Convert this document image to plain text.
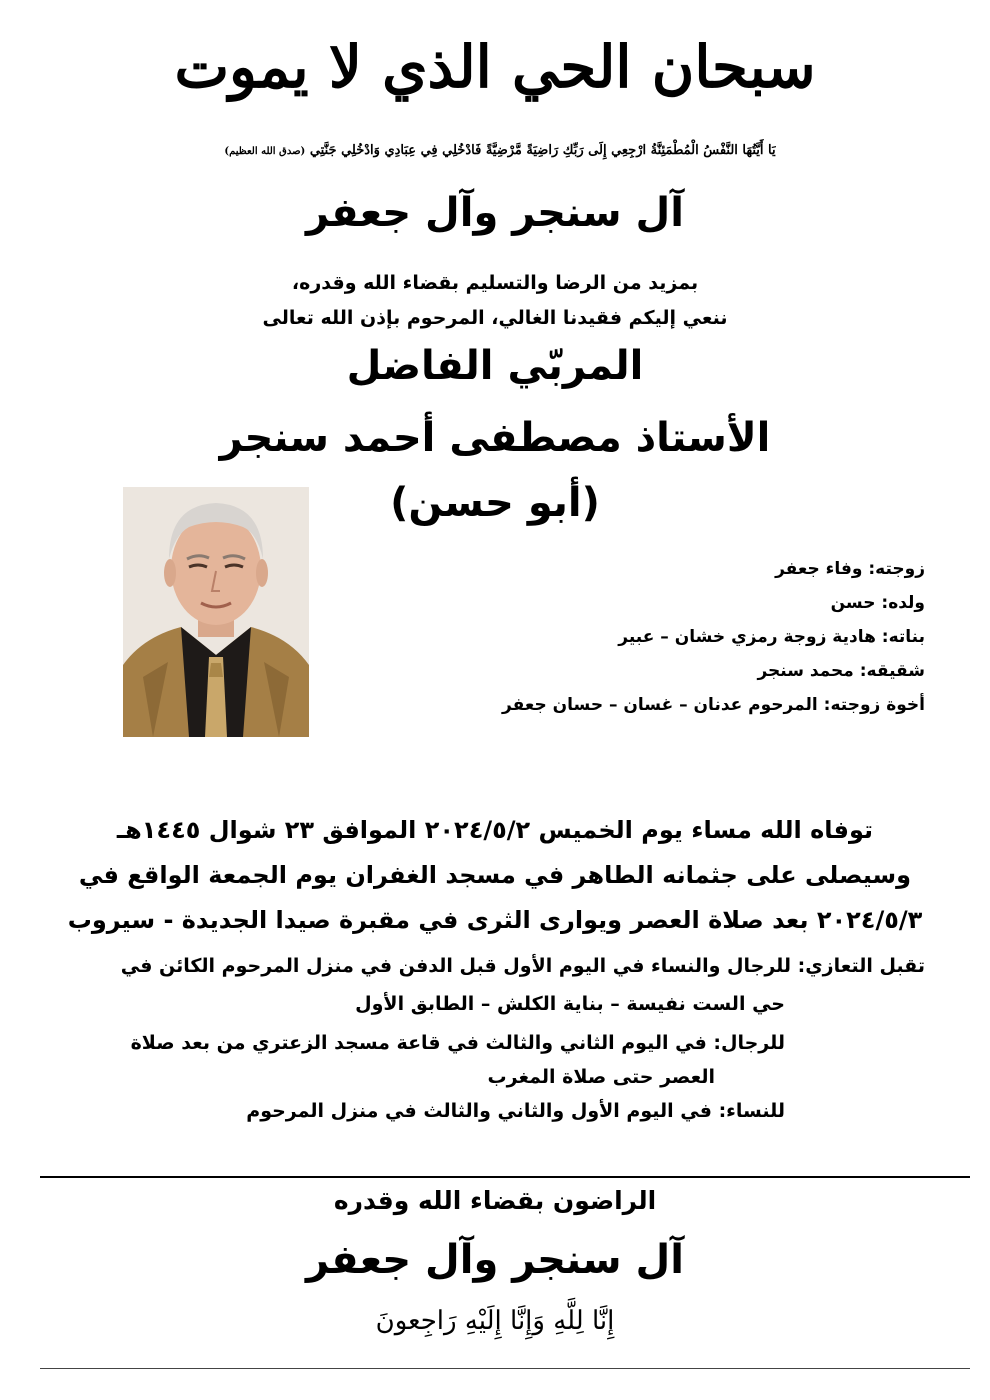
سبحان الحي الذي لا يموت
يَا أَيَّتُهَا النَّفْسُ الْمُطْمَئِنَّةُ ارْجِعِي إِلَى رَبِّكِ رَاضِيَةً مَّرْضِيَّةً فَادْخُلِي فِي عِبَادِي وَادْخُلِي جَنَّتِي (صدق الله العظيم)
آل سنجر وآل جعفر
بمزيد من الرضا والتسليم بقضاء الله وقدره،
ننعي إليكم فقيدنا الغالي، المرحوم بإذن الله تعالى
المربّي الفاضل
الأستاذ مصطفى أحمد سنجر
(أبو حسن)
زوجته: وفاء جعفر
ولده: حسن
بناته: هادية زوجة رمزي خشان – عبير
شقيقه: محمد سنجر
أخوة زوجته: المرحوم عدنان – غسان – حسان جعفر
توفاه الله مساء يوم الخميس ٢٠٢٤/٥/٢ الموافق ٢٣ شوال ١٤٤٥هـ
وسيصلى على جثمانه الطاهر في مسجد الغفران يوم الجمعة الواقع في
٢٠٢٤/٥/٣ بعد صلاة العصر ويوارى الثرى في مقبرة صيدا الجديدة - سيروب
تقبل التعازي: للرجال والنساء في اليوم الأول قبل الدفن في منزل المرحوم الكائن في
حي الست نفيسة – بناية الكلش – الطابق الأول
للرجال: في اليوم الثاني والثالث في قاعة مسجد الزعتري من بعد صلاة
العصر حتى صلاة المغرب
للنساء: في اليوم الأول والثاني والثالث في منزل المرحوم
الراضون بقضاء الله وقدره
آل سنجر وآل جعفر
إِنَّا لِلَّهِ وَإِنَّا إِلَيْهِ رَاجِعونَ
